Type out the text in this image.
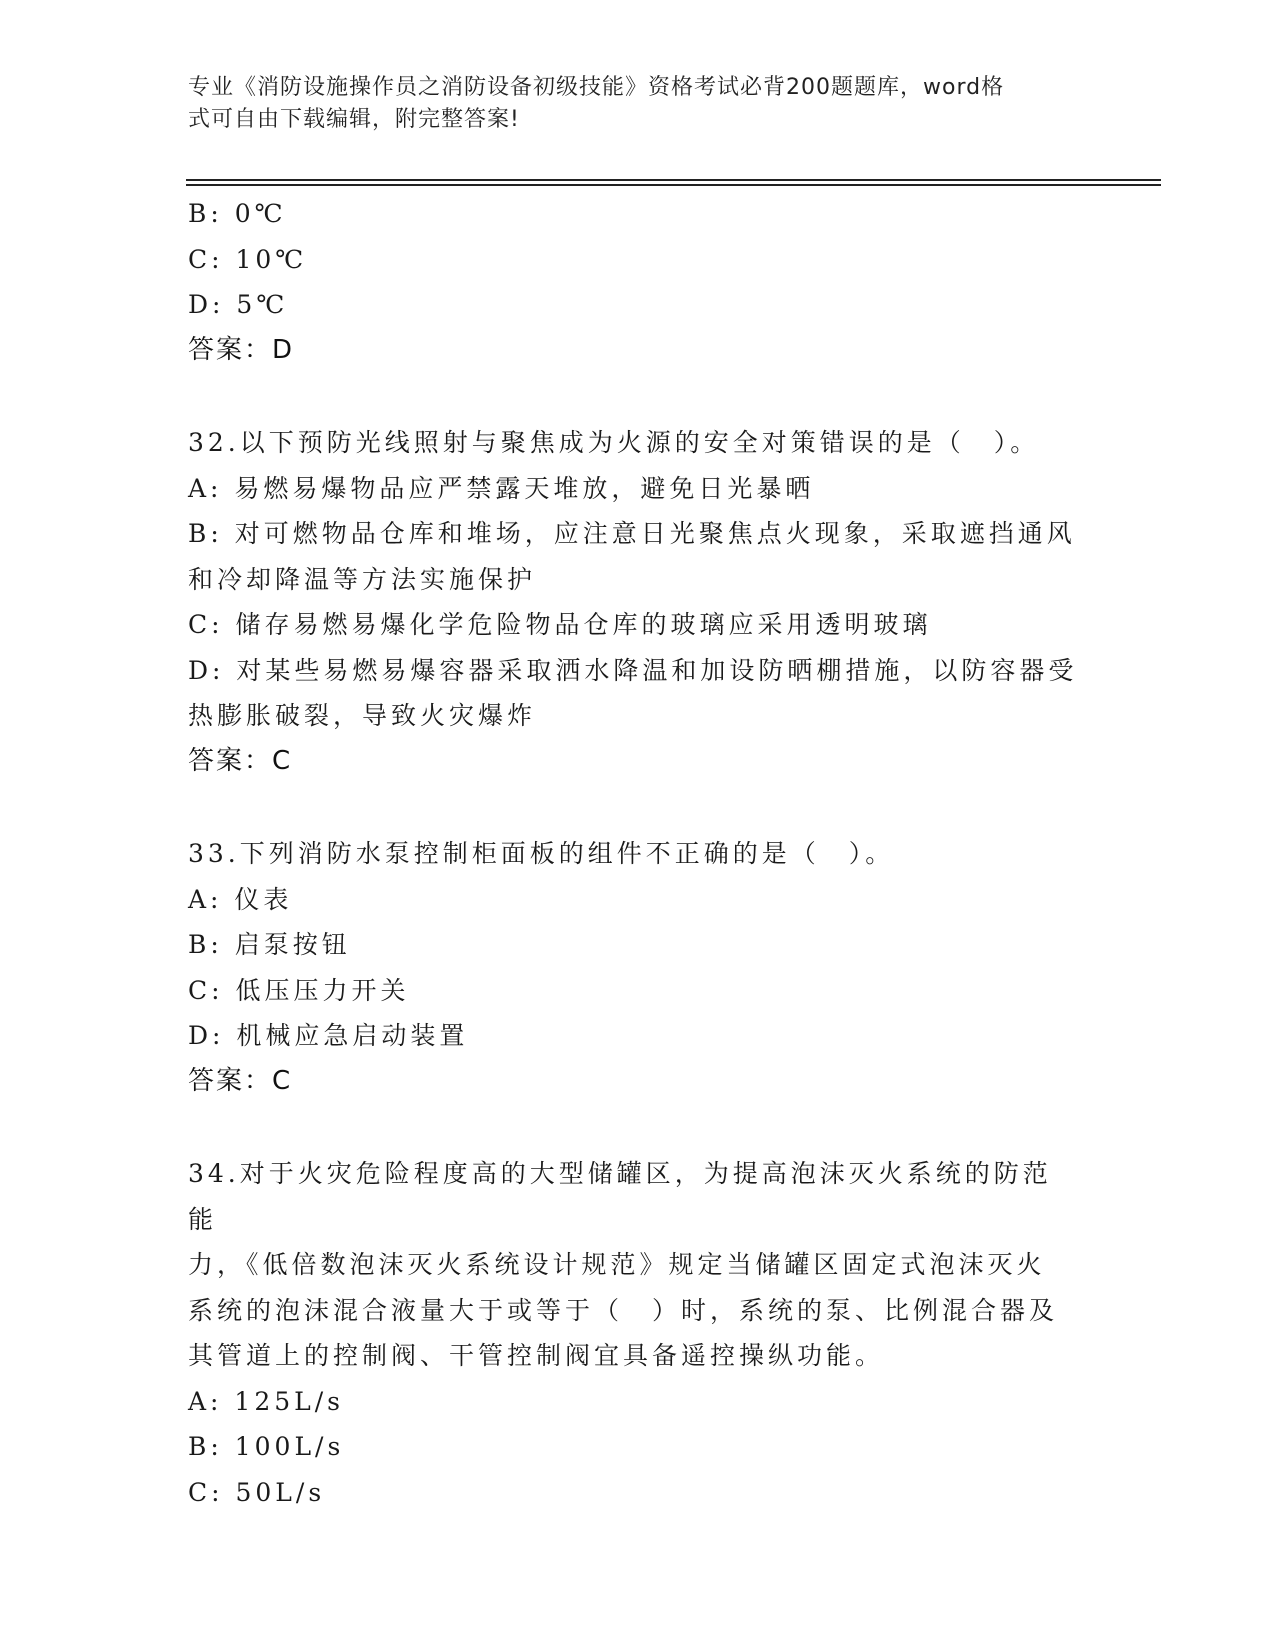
专业《消防设施操作员之消防设备初级技能》资格考试必背200题题库，word格
式可自由下载编辑，附完整答案!
B: 0℃
C: 10℃
D: 5℃
答案：D
32.以下预防光线照射与聚焦成为火源的安全对策错误的是（　）。
A: 易燃易爆物品应严禁露天堆放，避免日光暴晒
B: 对可燃物品仓库和堆场，应注意日光聚焦点火现象，采取遮挡通风
和冷却降温等方法实施保护
C: 储存易燃易爆化学危险物品仓库的玻璃应采用透明玻璃
D: 对某些易燃易爆容器采取洒水降温和加设防晒棚措施，以防容器受
热膨胀破裂，导致火灾爆炸
答案：C
33.下列消防水泵控制柜面板的组件不正确的是（　）。
A: 仪表
B: 启泵按钮
C: 低压压力开关
D: 机械应急启动装置
答案：C
34.对于火灾危险程度高的大型储罐区，为提高泡沫灭火系统的防范能
力，《低倍数泡沫灭火系统设计规范》规定当储罐区固定式泡沫灭火
系统的泡沫混合液量大于或等于（　）时，系统的泵、比例混合器及
其管道上的控制阀、干管控制阀宜具备遥控操纵功能。
A: 125L/s
B: 100L/s
C: 50L/s
